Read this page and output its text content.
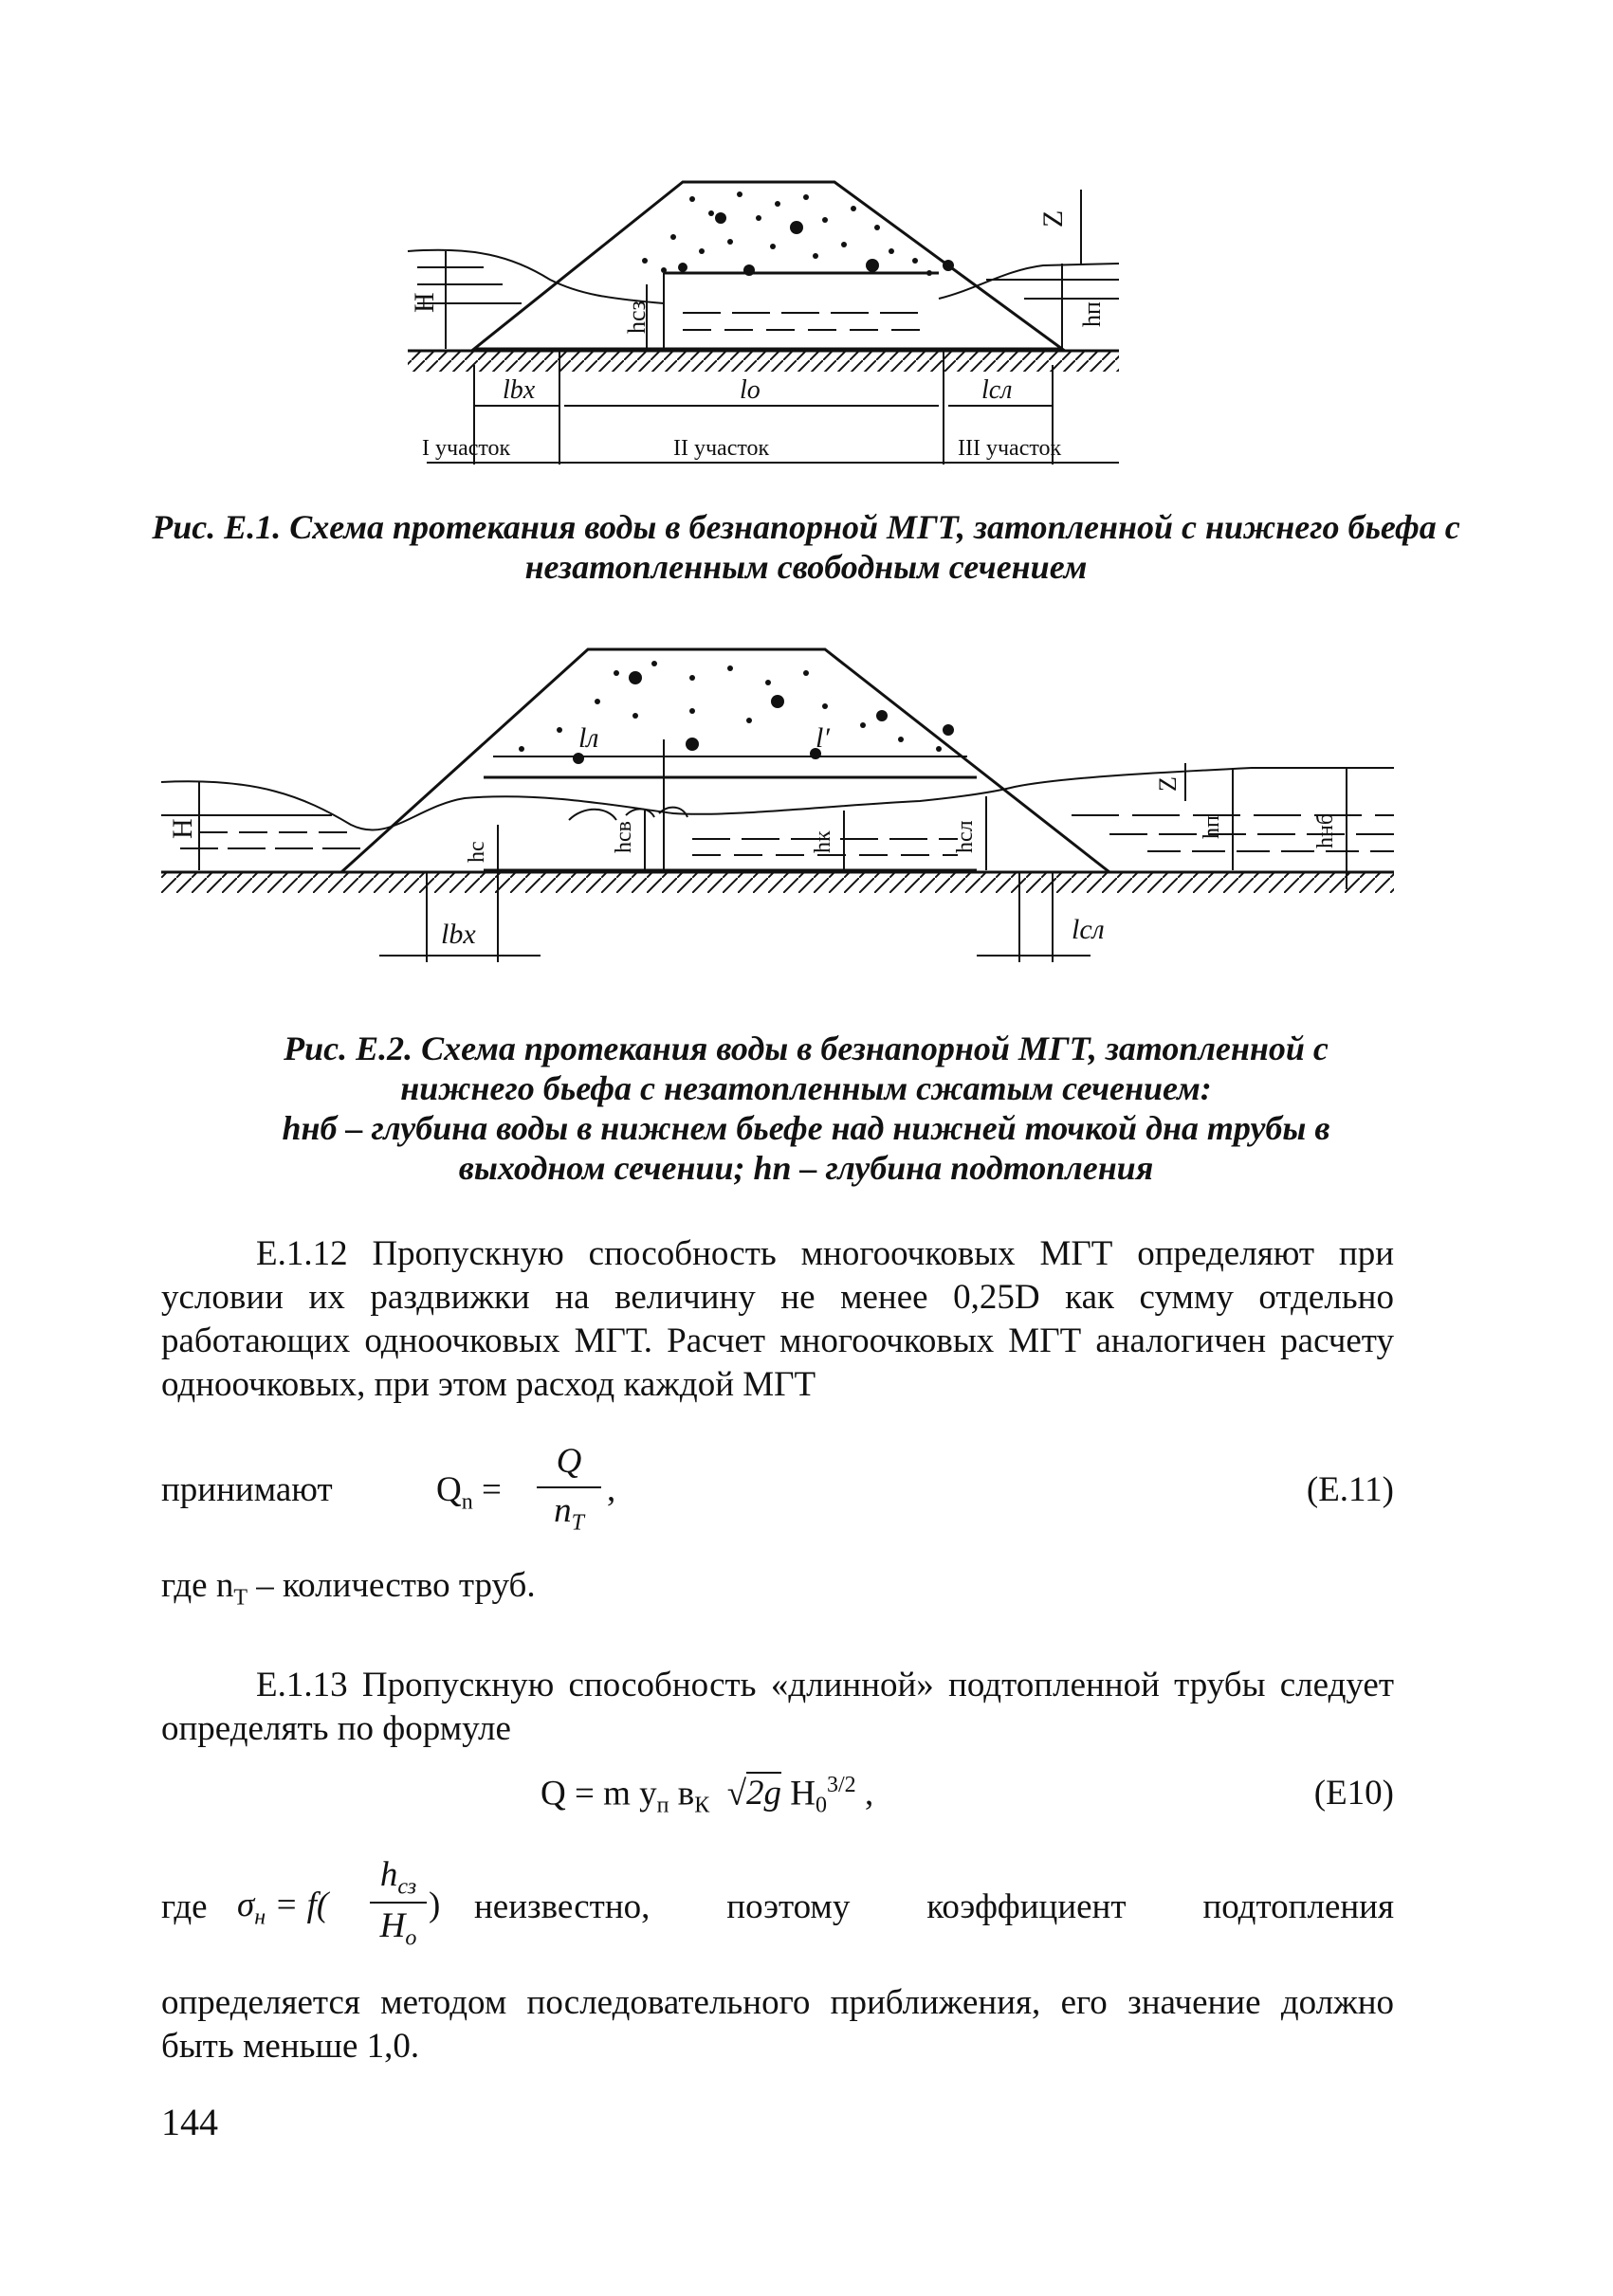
H	hcз
Z
hп
lbx	lo	lсл
I участок	II участок	III участок
Рис. Е.1. Схема протекания воды в безнапорной МГТ, затопленной с нижнего бьефа с незатопленным свободным сечением
lл	l′
H
hс	hсв	hк	hсл
Z
hп	hнб
lbx	lсл
Рис. Е.2. Схема протекания воды в безнапорной МГТ, затопленной с
нижнего бьефа с незатопленным сжатым сечением:
hнб – глубина воды в нижнем бьефе над нижней точкой дна трубы в
выходном сечении; hп – глубина подтопления
Е.1.12 Пропускную способность многоочковых МГТ определяют при условии их раздвижки на величину не менее 0,25D как сумму отдельно работающих одноочковых МГТ. Расчет многоочковых МГТ аналогичен расчету одноочковых, при этом расход каждой МГТ
принимают	$Q_n$ =
Q
$n_T$
,	(Е.11)
где $n_T$ – количество труб.
Е.1.13 Пропускную способность «длинной» подтопленной трубы следует определять по формуле
Q = m $y_п$ $в_К$  √2g $H_0^{3/2}$ ,	(Е10)
где $\sigma_н = f$(
$h_{сз}$
$H_о$
) неизвестно, поэтому коэффициент подтопления
определяется методом последовательного приближения, его значение должно быть меньше 1,0.
144
